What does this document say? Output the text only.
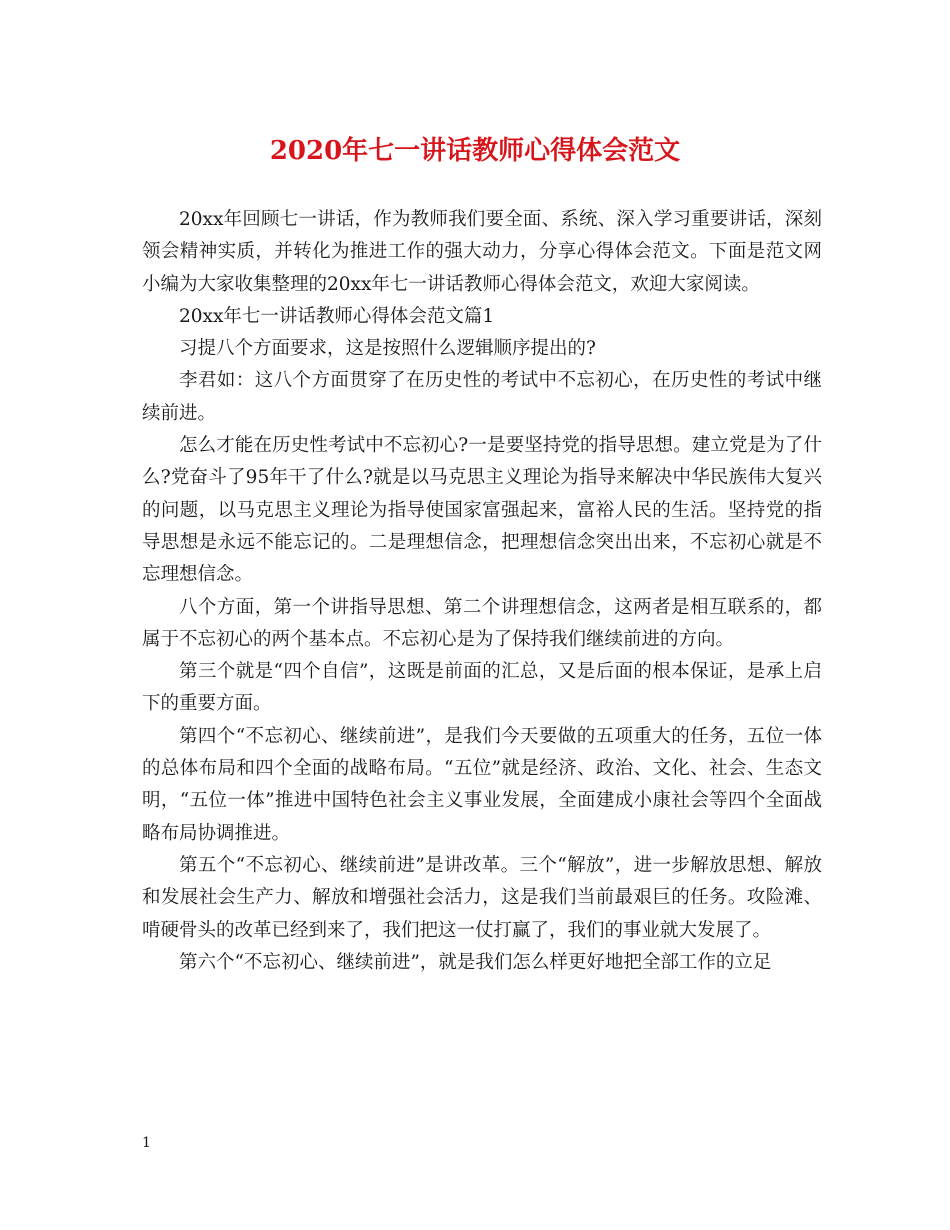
2020年七一讲话教师心得体会范文

20xx年回顾七一讲话，作为教师我们要全面、系统、深入学习重要讲话，深刻领会精神实质，并转化为推进工作的强大动力，分享心得体会范文。下面是范文网小编为大家收集整理的20xx年七一讲话教师心得体会范文，欢迎大家阅读。

20xx年七一讲话教师心得体会范文篇1

习提八个方面要求，这是按照什么逻辑顺序提出的?

李君如：这八个方面贯穿了在历史性的考试中不忘初心，在历史性的考试中继续前进。

怎么才能在历史性考试中不忘初心?一是要坚持党的指导思想。建立党是为了什么?党奋斗了95年干了什么?就是以马克思主义理论为指导来解决中华民族伟大复兴的问题，以马克思主义理论为指导使国家富强起来，富裕人民的生活。坚持党的指导思想是永远不能忘记的。二是理想信念，把理想信念突出出来，不忘初心就是不忘理想信念。

八个方面，第一个讲指导思想、第二个讲理想信念，这两者是相互联系的，都属于不忘初心的两个基本点。不忘初心是为了保持我们继续前进的方向。

第三个就是“四个自信”，这既是前面的汇总，又是后面的根本保证，是承上启下的重要方面。

第四个“不忘初心、继续前进”，是我们今天要做的五项重大的任务，五位一体的总体布局和四个全面的战略布局。“五位”就是经济、政治、文化、社会、生态文明，“五位一体”推进中国特色社会主义事业发展，全面建成小康社会等四个全面战略布局协调推进。

第五个“不忘初心、继续前进”是讲改革。三个“解放”，进一步解放思想、解放和发展社会生产力、解放和增强社会活力，这是我们当前最艰巨的任务。攻险滩、啃硬骨头的改革已经到来了，我们把这一仗打赢了，我们的事业就大发展了。

第六个“不忘初心、继续前进”，就是我们怎么样更好地把全部工作的立足

1
